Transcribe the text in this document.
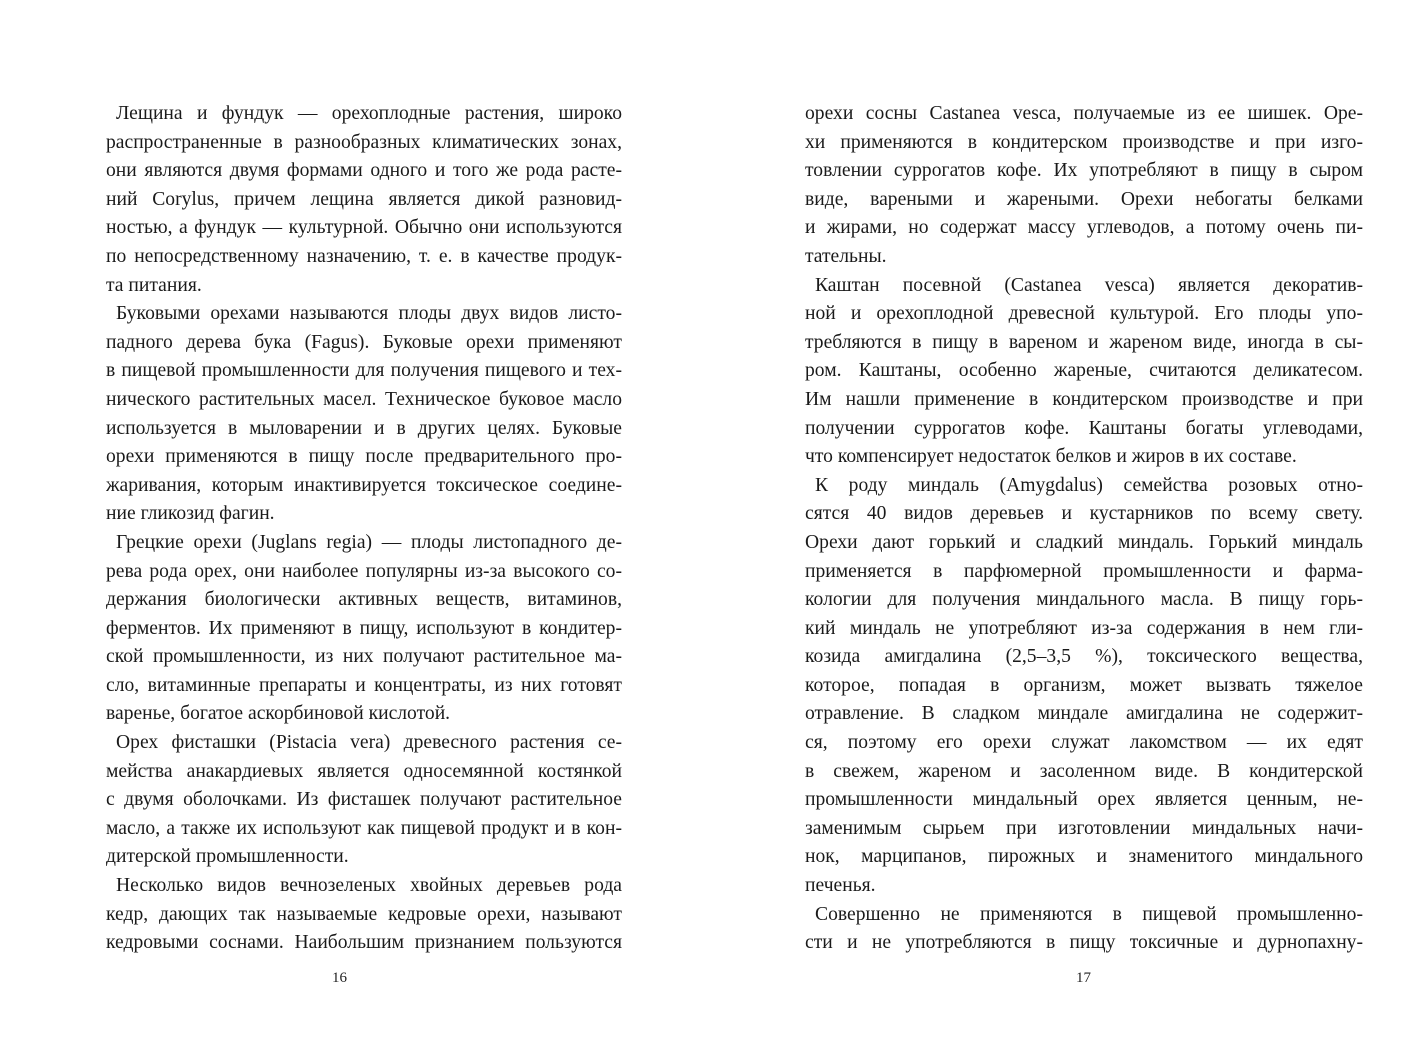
Лещина и фундук — орехоплодные растения, широко
распространенные в разнообразных климатических зонах,
они являются двумя формами одного и того же рода расте-
ний Corylus, причем лещина является дикой разновид-
ностью, а фундук — культурной. Обычно они используются
по непосредственному назначению, т. е. в качестве продук-
та питания.
Буковыми орехами называются плоды двух видов листо-
падного дерева бука (Fagus). Буковые орехи применяют
в пищевой промышленности для получения пищевого и тех-
нического растительных масел. Техническое буковое масло
используется в мыловарении и в других целях. Буковые
орехи применяются в пищу после предварительного про-
жаривания, которым инактивируется токсическое соедине-
ние гликозид фагин.
Грецкие орехи (Juglans regia) — плоды листопадного де-
рева рода орех, они наиболее популярны из-за высокого со-
держания биологически активных веществ, витаминов,
ферментов. Их применяют в пищу, используют в кондитер-
ской промышленности, из них получают растительное ма-
сло, витаминные препараты и концентраты, из них готовят
варенье, богатое аскорбиновой кислотой.
Орех фисташки (Pistacia vera) древесного растения се-
мейства анакардиевых является односемянной костянкой
с двумя оболочками. Из фисташек получают растительное
масло, а также их используют как пищевой продукт и в кон-
дитерской промышленности.
Несколько видов вечнозеленых хвойных деревьев рода
кедр, дающих так называемые кедровые орехи, называют
кедровыми соснами. Наибольшим признанием пользуются
16
орехи сосны Castanea vesca, получаемые из ее шишек. Оре-
хи применяются в кондитерском производстве и при изго-
товлении суррогатов кофе. Их употребляют в пищу в сыром
виде, вареными и жареными. Орехи небогаты белками
и жирами, но содержат массу углеводов, а потому очень пи-
тательны.
Каштан посевной (Castanea vesca) является декоратив-
ной и орехоплодной древесной культурой. Его плоды упо-
требляются в пищу в вареном и жареном виде, иногда в сы-
ром. Каштаны, особенно жареные, считаются деликатесом.
Им нашли применение в кондитерском производстве и при
получении суррогатов кофе. Каштаны богаты углеводами,
что компенсирует недостаток белков и жиров в их составе.
К роду миндаль (Amygdalus) семейства розовых отно-
сятся 40 видов деревьев и кустарников по всему свету.
Орехи дают горький и сладкий миндаль. Горький миндаль
применяется в парфюмерной промышленности и фарма-
кологии для получения миндального масла. В пищу горь-
кий миндаль не употребляют из-за содержания в нем гли-
козида амигдалина (2,5–3,5 %), токсического вещества,
которое, попадая в организм, может вызвать тяжелое
отравление. В сладком миндале амигдалина не содержит-
ся, поэтому его орехи служат лакомством — их едят
в свежем, жареном и засоленном виде. В кондитерской
промышленности миндальный орех является ценным, не-
заменимым сырьем при изготовлении миндальных начи-
нок, марципанов, пирожных и знаменитого миндального
печенья.
Совершенно не применяются в пищевой промышленно-
сти и не употребляются в пищу токсичные и дурнопахну-
17
